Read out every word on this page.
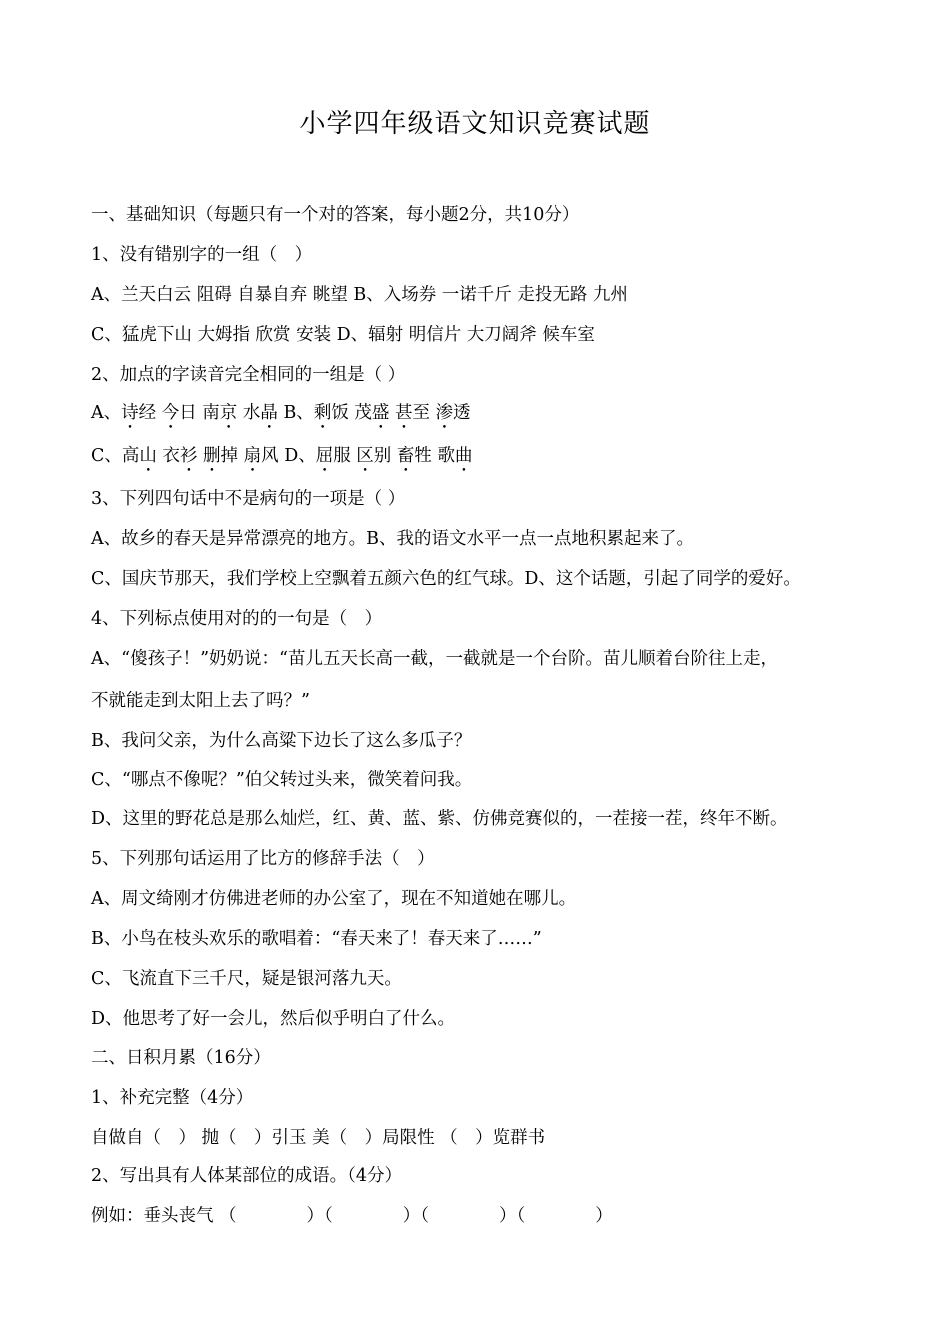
小学四年级语文知识竞赛试题
一、基础知识（每题只有一个对的答案，每小题2分，共10分）
1、没有错别字的一组（　）
A、兰天白云 阻碍 自暴自弃 眺望 B、入场券 一诺千斤 走投无路 九州
C、猛虎下山 大姆指 欣赏 安装 D、辐射 明信片 大刀阔斧 候车室
2、加点的字读音完全相同的一组是（ ）
A、诗经 今日 南京 水晶 B、剩饭 茂盛 甚至 渗透
C、高山 衣衫 删掉 扇风 D、屈服 区别 畜牲 歌曲
3、下列四句话中不是病句的一项是（ ）
A、故乡的春天是异常漂亮的地方。B、我的语文水平一点一点地积累起来了。
C、国庆节那天，我们学校上空飘着五颜六色的红气球。D、这个话题，引起了同学的爱好。
4、下列标点使用对的的一句是（　）
A、“傻孩子！”奶奶说：“苗儿五天长高一截，一截就是一个台阶。苗儿顺着台阶往上走，
不就能走到太阳上去了吗？”
B、我问父亲，为什么高粱下边长了这么多瓜子？
C、“哪点不像呢？”伯父转过头来，微笑着问我。
D、这里的野花总是那么灿烂，红、黄、蓝、紫、仿佛竞赛似的，一茬接一茬，终年不断。
5、下列那句话运用了比方的修辞手法（　）
A、周文绮刚才仿佛进老师的办公室了，现在不知道她在哪儿。
B、小鸟在枝头欢乐的歌唱着：“春天来了！春天来了……”
C、飞流直下三千尺，疑是银河落九天。
D、他思考了好一会儿，然后似乎明白了什么。
二、日积月累（16分）
1、补充完整（4分）
自做自（　） 抛（　）引玉 美（　）局限性 （　）览群书
2、写出具有人体某部位的成语。（4分）
例如：垂头丧气 （　　　　）（　　　　）（　　　　）（　　　　）
